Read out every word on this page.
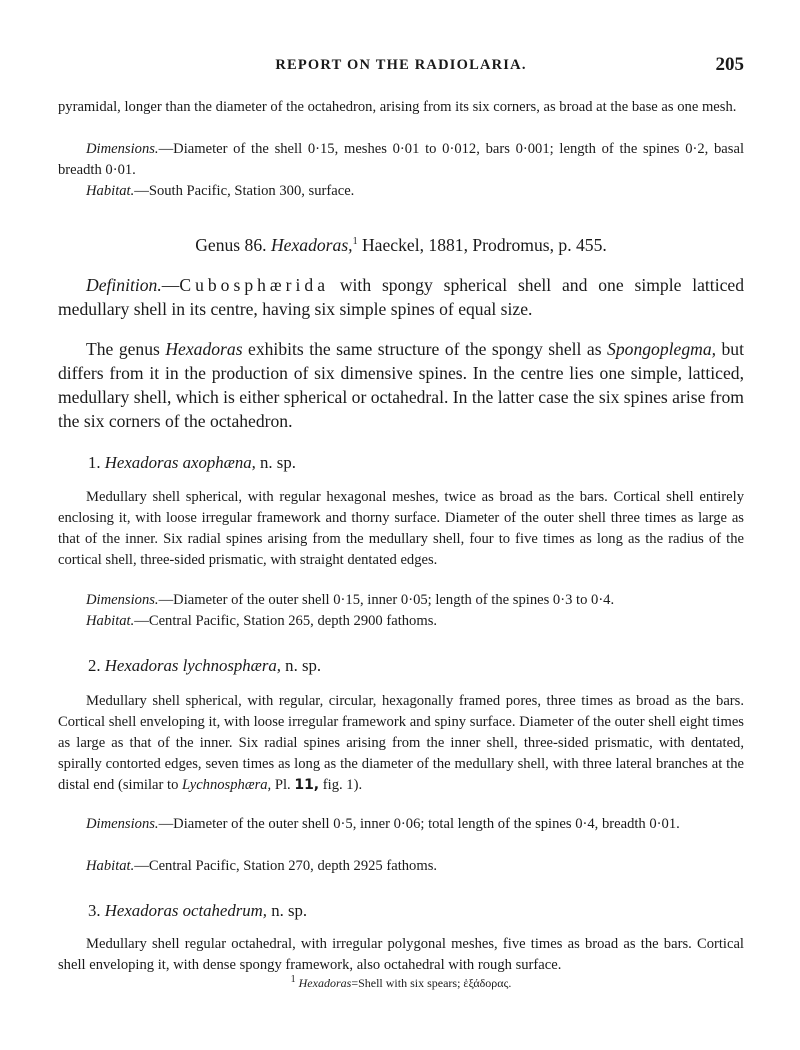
REPORT ON THE RADIOLARIA.	205
pyramidal, longer than the diameter of the octahedron, arising from its six corners, as broad at the base as one mesh.
Dimensions.—Diameter of the shell 0·15, meshes 0·01 to 0·012, bars 0·001; length of the spines 0·2, basal breadth 0·01.
Habitat.—South Pacific, Station 300, surface.
Genus 86. Hexadoras,$^1$ Haeckel, 1881, Prodromus, p. 455.
Definition.—Cubosphærida with spongy spherical shell and one simple latticed medullary shell in its centre, having six simple spines of equal size.
The genus Hexadoras exhibits the same structure of the spongy shell as Spongoplegma, but differs from it in the production of six dimensive spines. In the centre lies one simple, latticed, medullary shell, which is either spherical or octahedral. In the latter case the six spines arise from the six corners of the octahedron.
1. Hexadoras axophæna, n. sp.
Medullary shell spherical, with regular hexagonal meshes, twice as broad as the bars. Cortical shell entirely enclosing it, with loose irregular framework and thorny surface. Diameter of the outer shell three times as large as that of the inner. Six radial spines arising from the medullary shell, four to five times as long as the radius of the cortical shell, three-sided prismatic, with straight dentated edges.
Dimensions.—Diameter of the outer shell 0·15, inner 0·05; length of the spines 0·3 to 0·4.
Habitat.—Central Pacific, Station 265, depth 2900 fathoms.
2. Hexadoras lychnosphæra, n. sp.
Medullary shell spherical, with regular, circular, hexagonally framed pores, three times as broad as the bars. Cortical shell enveloping it, with loose irregular framework and spiny surface. Diameter of the outer shell eight times as large as that of the inner. Six radial spines arising from the inner shell, three-sided prismatic, with dentated, spirally contorted edges, seven times as long as the diameter of the medullary shell, with three lateral branches at the distal end (similar to Lychnosphæra, Pl. 11, fig. 1).
Dimensions.—Diameter of the outer shell 0·5, inner 0·06; total length of the spines 0·4, breadth 0·01.
Habitat.—Central Pacific, Station 270, depth 2925 fathoms.
3. Hexadoras octahedrum, n. sp.
Medullary shell regular octahedral, with irregular polygonal meshes, five times as broad as the bars. Cortical shell enveloping it, with dense spongy framework, also octahedral with rough surface.
$^1$ Hexadoras=Shell with six spears; ἑξάδορας.
